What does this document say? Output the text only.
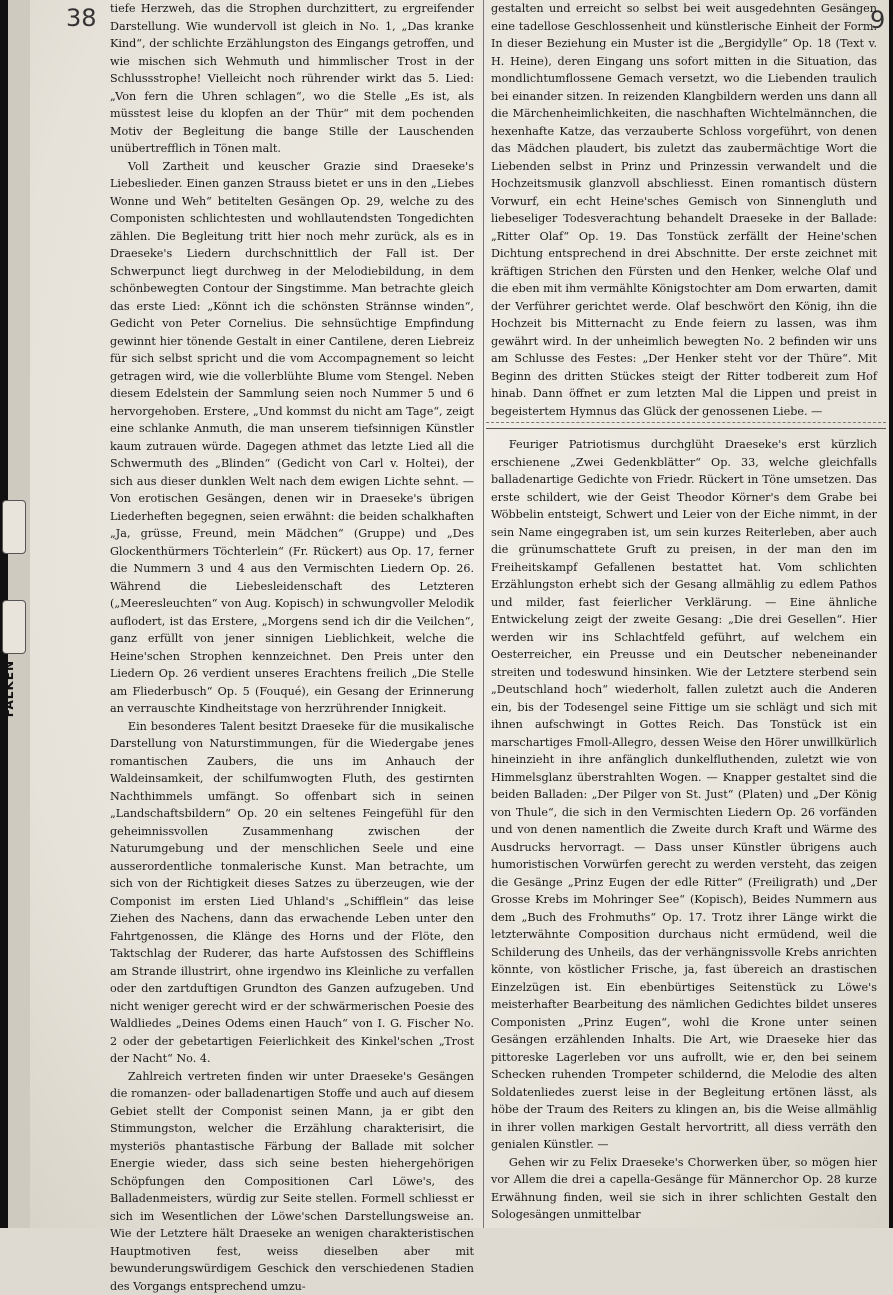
FALKEN
38	9

tiefe Herzweh, das die Strophen durchzittert, zu ergreifender Darstellung. Wie wundervoll ist gleich in No. 1, „Das kranke Kind“, der schlichte Erzählungston des Eingangs getroffen, und wie mischen sich Wehmuth und himmlischer Trost in der Schlussstrophe! Vielleicht noch rührender wirkt das 5. Lied: „Von fern die Uhren schlagen“, wo die Stelle „Es ist, als müsstest leise du klopfen an der Thür“ mit dem pochenden Motiv der Begleitung die bange Stille der Lauschenden unübertrefflich in Tönen malt.

Voll Zartheit und keuscher Grazie sind Draeseke's Liebeslieder. Einen ganzen Strauss bietet er uns in den „Liebes Wonne und Weh“ betitelten Gesängen Op. 29, welche zu des Componisten schlichtesten und wohllautendsten Tongedichten zählen. Die Begleitung tritt hier noch mehr zurück, als es in Draeseke's Liedern durchschnittlich der Fall ist. Der Schwerpunct liegt durchweg in der Melodiebildung, in dem schönbewegten Contour der Singstimme. Man betrachte gleich das erste Lied: „Könnt ich die schönsten Strännse winden“, Gedicht von Peter Cornelius. Die sehnsüchtige Empfindung gewinnt hier tönende Gestalt in einer Cantilene, deren Liebreiz für sich selbst spricht und die vom Accompagnement so leicht getragen wird, wie die vollerblühte Blume vom Stengel. Neben diesem Edelstein der Sammlung seien noch Nummer 5 und 6 hervorgehoben. Erstere, „Und kommst du nicht am Tage“, zeigt eine schlanke Anmuth, die man unserem tiefsinnigen Künstler kaum zutrauen würde. Dagegen athmet das letzte Lied all die Schwermuth des „Blinden“ (Gedicht von Carl v. Holtei), der sich aus dieser dunklen Welt nach dem ewigen Lichte sehnt. — Von erotischen Gesängen, denen wir in Draeseke's übrigen Liederheften begegnen, seien erwähnt: die beiden schalkhaften „Ja, grüsse, Freund, mein Mädchen“ (Gruppe) und „Des Glockenthürmers Töchterlein“ (Fr. Rückert) aus Op. 17, ferner die Nummern 3 und 4 aus den Vermischten Liedern Op. 26. Während die Liebesleidenschaft des Letzteren („Meeresleuchten“ von Aug. Kopisch) in schwungvoller Melodik auflodert, ist das Erstere, „Morgens send ich dir die Veilchen“, ganz erfüllt von jener sinnigen Lieblichkeit, welche die Heine'schen Strophen kennzeichnet. Den Preis unter den Liedern Op. 26 verdient unseres Erachtens freilich „Die Stelle am Fliederbusch“ Op. 5 (Fouqué), ein Gesang der Erinnerung an verrauschte Kindheitstage von herzrührender Innigkeit.

Ein besonderes Talent besitzt Draeseke für die musikalische Darstellung von Naturstimmungen, für die Wiedergabe jenes romantischen Zaubers, die uns im Anhauch der Waldeinsamkeit, der schilfumwogten Fluth, des gestirnten Nachthimmels umfängt. So offenbart sich in seinen „Landschaftsbildern“ Op. 20 ein seltenes Feingefühl für den geheimnissvollen Zusammenhang zwischen der Naturumgebung und der menschlichen Seele und eine ausserordentliche tonmalerische Kunst. Man betrachte, um sich von der Richtigkeit dieses Satzes zu überzeugen, wie der Componist im ersten Lied Uhland's „Schifflein“ das leise Ziehen des Nachens, dann das erwachende Leben unter den Fahrtgenossen, die Klänge des Horns und der Flöte, den Taktschlag der Ruderer, das harte Aufstossen des Schiffleins am Strande illustrirt, ohne irgendwo ins Kleinliche zu verfallen oder den zartduftigen Grundton des Ganzen aufzugeben. Und nicht weniger gerecht wird er der schwärmerischen Poesie des Waldliedes „Deines Odems einen Hauch“ von I. G. Fischer No. 2 oder der gebetartigen Feierlichkeit des Kinkel'schen „Trost der Nacht“ No. 4.

Zahlreich vertreten finden wir unter Draeseke's Gesängen die romanzen- oder balladenartigen Stoffe und auch auf diesem Gebiet stellt der Componist seinen Mann, ja er gibt den Stimmungston, welcher die Erzählung charakterisirt, die mysteriös phantastische Färbung der Ballade mit solcher Energie wieder, dass sich seine besten hiehergehörigen Schöpfungen den Compositionen Carl Löwe's, des Balladenmeisters, würdig zur Seite stellen. Formell schliesst er sich im Wesentlichen der Löwe'schen Darstellungsweise an. Wie der Letztere hält Draeseke an wenigen charakteristischen Hauptmotiven fest, weiss dieselben aber mit bewunderungswürdigem Geschick den verschiedenen Stadien des Vorgangs entsprechend umzu-

gestalten und erreicht so selbst bei weit ausgedehnten Gesängen eine tadellose Geschlossenheit und künstlerische Einheit der Form. In dieser Beziehung ein Muster ist die „Bergidylle“ Op. 18 (Text v. H. Heine), deren Eingang uns sofort mitten in die Situation, das mondlichtumflossene Gemach versetzt, wo die Liebenden traulich bei einander sitzen. In reizenden Klangbildern werden uns dann all die Märchenheimlichkeiten, die naschhaften Wichtelmännchen, die hexenhafte Katze, das verzauberte Schloss vorgeführt, von denen das Mädchen plaudert, bis zuletzt das zaubermächtige Wort die Liebenden selbst in Prinz und Prinzessin verwandelt und die Hochzeitsmusik glanzvoll abschliesst. Einen romantisch düstern Vorwurf, ein echt Heine'sches Gemisch von Sinnengluth und liebeseliger Todesverachtung behandelt Draeseke in der Ballade: „Ritter Olaf“ Op. 19. Das Tonstück zerfällt der Heine'schen Dichtung entsprechend in drei Abschnitte. Der erste zeichnet mit kräftigen Strichen den Fürsten und den Henker, welche Olaf und die eben mit ihm vermählte Königstochter am Dom erwarten, damit der Verführer gerichtet werde. Olaf beschwört den König, ihn die Hochzeit bis Mitternacht zu Ende feiern zu lassen, was ihm gewährt wird. In der unheimlich bewegten No. 2 befinden wir uns am Schlusse des Festes: „Der Henker steht vor der Thüre“. Mit Beginn des dritten Stückes steigt der Ritter todbereit zum Hof hinab. Dann öffnet er zum letzten Mal die Lippen und preist in begeistertem Hymnus das Glück der genossenen Liebe. —

Feuriger Patriotismus durchglüht Draeseke's erst kürzlich erschienene „Zwei Gedenkblätter“ Op. 33, welche gleichfalls balladenartige Gedichte von Friedr. Rückert in Töne umsetzen. Das erste schildert, wie der Geist Theodor Körner's dem Grabe bei Wöbbelin entsteigt, Schwert und Leier von der Eiche nimmt, in der sein Name eingegraben ist, um sein kurzes Reiterleben, aber auch die grünumschattete Gruft zu preisen, in der man den im Freiheitskampf Gefallenen bestattet hat. Vom schlichten Erzählungston erhebt sich der Gesang allmählig zu edlem Pathos und milder, fast feierlicher Verklärung. — Eine ähnliche Entwickelung zeigt der zweite Gesang: „Die drei Gesellen“. Hier werden wir ins Schlachtfeld geführt, auf welchem ein Oesterreicher, ein Preusse und ein Deutscher nebeneinander streiten und todeswund hinsinken. Wie der Letztere sterbend sein „Deutschland hoch“ wiederholt, fallen zuletzt auch die Anderen ein, bis der Todesengel seine Fittige um sie schlägt und sich mit ihnen aufschwingt in Gottes Reich. Das Tonstück ist ein marschartiges Fmoll-Allegro, dessen Weise den Hörer unwillkürlich hineinzieht in ihre anfänglich dunkelfluthenden, zuletzt wie von Himmelsglanz überstrahlten Wogen. — Knapper gestaltet sind die beiden Balladen: „Der Pilger von St. Just“ (Platen) und „Der König von Thule“, die sich in den Vermischten Liedern Op. 26 vorfänden und von denen namentlich die Zweite durch Kraft und Wärme des Ausdrucks hervorragt. — Dass unser Künstler übrigens auch humoristischen Vorwürfen gerecht zu werden versteht, das zeigen die Gesänge „Prinz Eugen der edle Ritter“ (Freiligrath) und „Der Grosse Krebs im Mohringer See“ (Kopisch), Beides Nummern aus dem „Buch des Frohmuths“ Op. 17. Trotz ihrer Länge wirkt die letzterwähnte Composition durchaus nicht ermüdend, weil die Schilderung des Unheils, das der verhängnissvolle Krebs anrichten könnte, von köstlicher Frische, ja, fast übereich an drastischen Einzelzügen ist. Ein ebenbürtiges Seitenstück zu Löwe's meisterhafter Bearbeitung des nämlichen Gedichtes bildet unseres Componisten „Prinz Eugen“, wohl die Krone unter seinen Gesängen erzählenden Inhalts. Die Art, wie Draeseke hier das pittoreske Lagerleben vor uns aufrollt, wie er, den bei seinem Schecken ruhenden Trompeter schildernd, die Melodie des alten Soldatenliedes zuerst leise in der Begleitung ertönen lässt, als höbe der Traum des Reiters zu klingen an, bis die Weise allmählig in ihrer vollen markigen Gestalt hervortritt, all diess verräth den genialen Künstler. —

Gehen wir zu Felix Draeseke's Chorwerken über, so mögen hier vor Allem die drei a capella-Gesänge für Männerchor Op. 28 kurze Erwähnung finden, weil sie sich in ihrer schlichten Gestalt den Sologesängen unmittelbar
